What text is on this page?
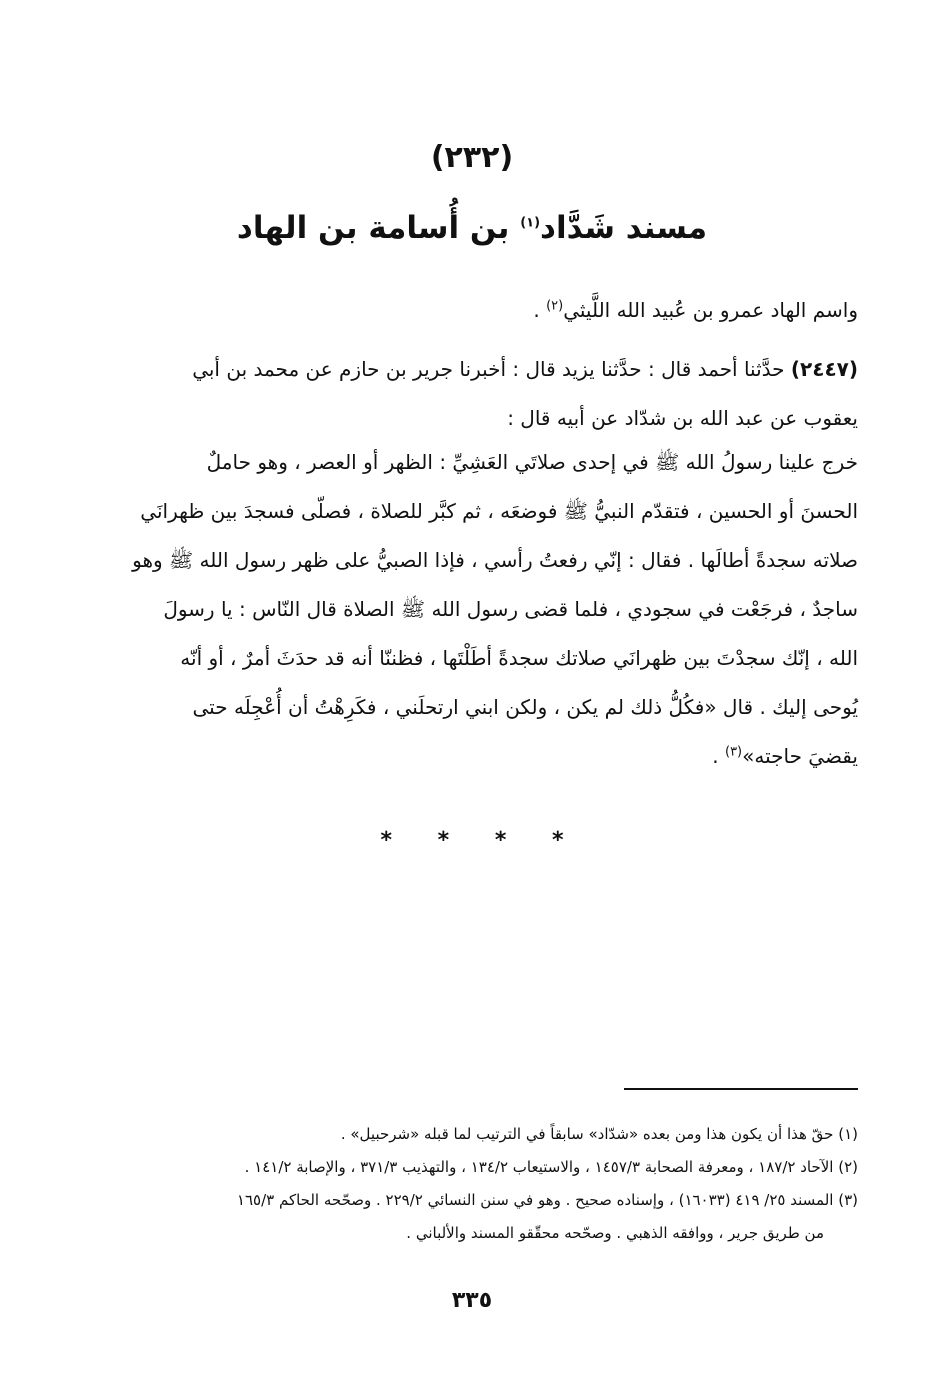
(٢٣٢)
مسند شَدَّاد$^{(١)}$ بن أُسامة بن الهاد
واسم الهاد عمرو بن عُبيد الله اللَّيثي$^{(٢)}$ .
(٢٤٤٧) حدَّثنا أحمد قال : حدَّثنا يزيد قال : أخبرنا جرير بن حازم عن محمد بن أبي
يعقوب عن عبد الله بن شدّاد عن أبيه قال :
خرج علينا رسولُ الله ﷺ في إحدى صلاتَي العَشِيِّ : الظهر أو العصر ، وهو حاملٌ
الحسنَ أو الحسين ، فتقدّم النبيُّ ﷺ فوضعَه ، ثم كبَّر للصلاة ، فصلّى فسجدَ بين ظهرانَي
صلاته سجدةً أطالَها . فقال : إنّي رفعتُ رأسي ، فإذا الصبيُّ على ظهر رسول الله ﷺ وهو
ساجدٌ ، فرجَعْت في سجودي ، فلما قضى رسول الله ﷺ الصلاة قال النّاس : يا رسولَ
الله ، إنّك سجدْتَ بين ظهرانَي صلاتك سجدةً أطَلْتَها ، فظننّا أنه قد حدَثَ أمرٌ ، أو أنّه
يُوحى إليك . قال «فكُلُّ ذلك لم يكن ، ولكن ابني ارتحلَني ، فكَرِهْتُ أن أُعْجِلَه حتى
يقضيَ حاجته»$^{(٣)}$ .
* * * *
(١) حقّ هذا أن يكون هذا ومن بعده «شدّاد» سابقاً في الترتيب لما قبله «شرحبيل» .
(٢) الآحاد ١٨٧/٢ ، ومعرفة الصحابة ١٤٥٧/٣ ، والاستيعاب ١٣٤/٢ ، والتهذيب ٣٧١/٣ ، والإصابة ١٤١/٢ .
(٣) المسند ٢٥/ ٤١٩ (١٦٠٣٣) ، وإسناده صحيح . وهو في سنن النسائي ٢٢٩/٢ . وصحّحه الحاكم ١٦٥/٣
من طريق جرير ، ووافقه الذهبي . وصحّحه محقّقو المسند والألباني .
٣٣٥
